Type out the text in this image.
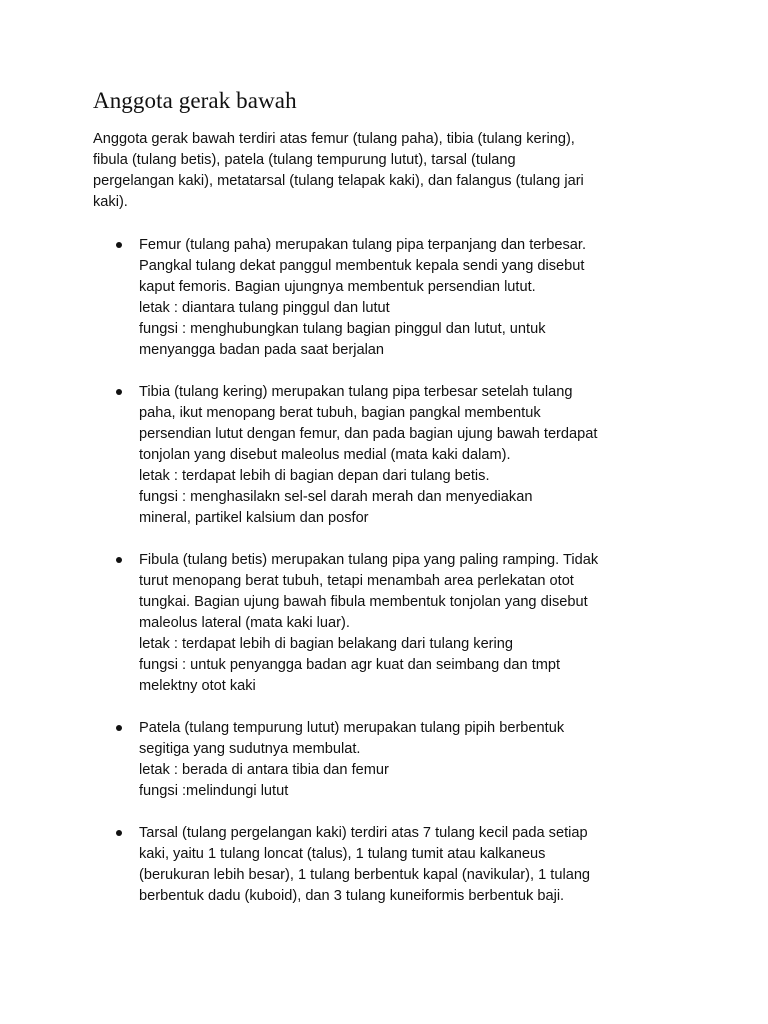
Anggota gerak bawah

Anggota gerak bawah terdiri atas femur (tulang paha), tibia (tulang kering),
fibula (tulang betis), patela (tulang tempurung lutut), tarsal (tulang
pergelangan kaki), metatarsal (tulang telapak kaki), dan falangus (tulang jari
kaki).

Femur (tulang paha) merupakan tulang pipa terpanjang dan terbesar.
Pangkal tulang dekat panggul membentuk kepala sendi yang disebut
kaput femoris. Bagian ujungnya membentuk persendian lutut.
letak : diantara tulang pinggul dan lutut
fungsi : menghubungkan tulang bagian pinggul dan lutut, untuk
menyangga badan pada saat berjalan
Tibia (tulang kering) merupakan tulang pipa terbesar setelah tulang
paha, ikut menopang berat tubuh, bagian pangkal membentuk
persendian lutut dengan femur, dan pada bagian ujung bawah terdapat
tonjolan yang disebut maleolus medial (mata kaki dalam).
letak : terdapat lebih di bagian depan dari tulang betis.
fungsi : menghasilakn sel-sel darah merah dan menyediakan
mineral, partikel kalsium dan posfor
Fibula (tulang betis) merupakan tulang pipa yang paling ramping. Tidak
turut menopang berat tubuh, tetapi menambah area perlekatan otot
tungkai. Bagian ujung bawah fibula membentuk tonjolan yang disebut
maleolus lateral (mata kaki luar).
letak : terdapat lebih di bagian belakang dari tulang kering
fungsi : untuk penyangga badan agr kuat dan seimbang dan tmpt
melektny otot kaki
Patela (tulang tempurung lutut) merupakan tulang pipih berbentuk
segitiga yang sudutnya membulat.
letak : berada di antara tibia dan femur
fungsi :melindungi lutut
Tarsal (tulang pergelangan kaki) terdiri atas 7 tulang kecil pada setiap
kaki, yaitu 1 tulang loncat (talus), 1 tulang tumit atau kalkaneus
(berukuran lebih besar), 1 tulang berbentuk kapal (navikular), 1 tulang
berbentuk dadu (kuboid), dan 3 tulang kuneiformis berbentuk baji.
